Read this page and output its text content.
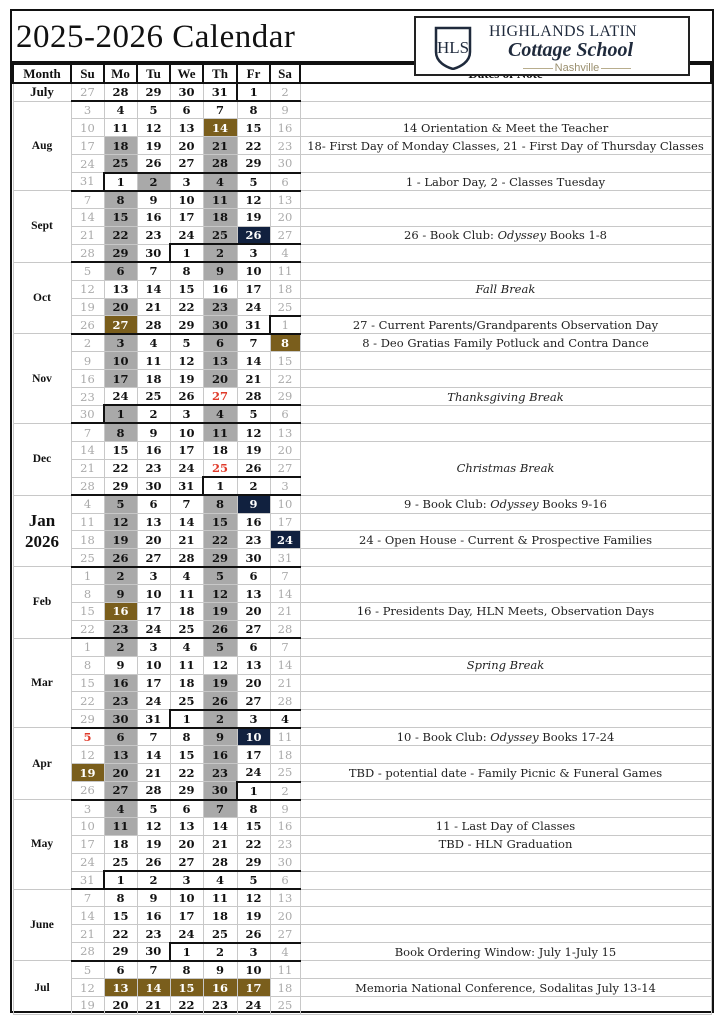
2025-2026 Calendar	HLS
HIGHLANDS LATIN
Cottage School
Nashville
Month	Su	Mo	Tu	We	Th	Fr	Sa	
July	27	28	29	30	31	1	2	
Aug	3	4	5	6	7	8	9	
	10	11	12	13	14	15	16	14 Orientation & Meet the Teacher
	17	18	19	20	21	22	23	18- First Day of Monday Classes, 21 - First Day of Thursday Classes
	24	25	26	27	28	29	30	
	31	1	2	3	4	5	6	1 - Labor Day, 2 - Classes Tuesday
Sept	7	8	9	10	11	12	13	
	14	15	16	17	18	19	20	
	21	22	23	24	25	26	27	26 - Book Club: Odyssey Books 1-8
	28	29	30	1	2	3	4	
Oct	5	6	7	8	9	10	11	
	12	13	14	15	16	17	18	Fall Break
	19	20	21	22	23	24	25	
	26	27	28	29	30	31	1	27 - Current Parents/Grandparents Observation Day
Nov	2	3	4	5	6	7	8	8 - Deo Gratias Family Potluck and Contra Dance
	9	10	11	12	13	14	15	
	16	17	18	19	20	21	22	
	23	24	25	26	27	28	29	Thanksgiving Break
	30	1	2	3	4	5	6	
Dec	7	8	9	10	11	12	13	
	14	15	16	17	18	19	20	Christmas Break
	21	22	23	24	25	26	27	
	28	29	30	31	1	2	3	
Jan
2026	4	5	6	7	8	9	10	9 - Book Club: Odyssey Books 9-16
	11	12	13	14	15	16	17	
	18	19	20	21	22	23	24	24 - Open House - Current & Prospective Families
	25	26	27	28	29	30	31	
Feb	1	2	3	4	5	6	7	
	8	9	10	11	12	13	14	
	15	16	17	18	19	20	21	16 - Presidents Day, HLN Meets, Observation Days
	22	23	24	25	26	27	28	
Mar	1	2	3	4	5	6	7	
	8	9	10	11	12	13	14	Spring Break
	15	16	17	18	19	20	21	
	22	23	24	25	26	27	28	
	29	30	31	1	2	3	4	
Apr	5	6	7	8	9	10	11	10 - Book Club: Odyssey Books 17-24
	12	13	14	15	16	17	18	
	19	20	21	22	23	24	25	TBD - potential date - Family Picnic & Funeral Games
	26	27	28	29	30	1	2	
May	3	4	5	6	7	8	9	
	10	11	12	13	14	15	16	11 - Last Day of Classes
	17	18	19	20	21	22	23	TBD - HLN Graduation
	24	25	26	27	28	29	30	
	31	1	2	3	4	5	6	
June	7	8	9	10	11	12	13	
	14	15	16	17	18	19	20	
	21	22	23	24	25	26	27	
	28	29	30	1	2	3	4	Book Ordering Window: July 1-July 15
Jul	5	6	7	8	9	10	11	
	12	13	14	15	16	17	18	Memoria National Conference, Sodalitas July 13-14
	19	20	21	22	23	24	25	
